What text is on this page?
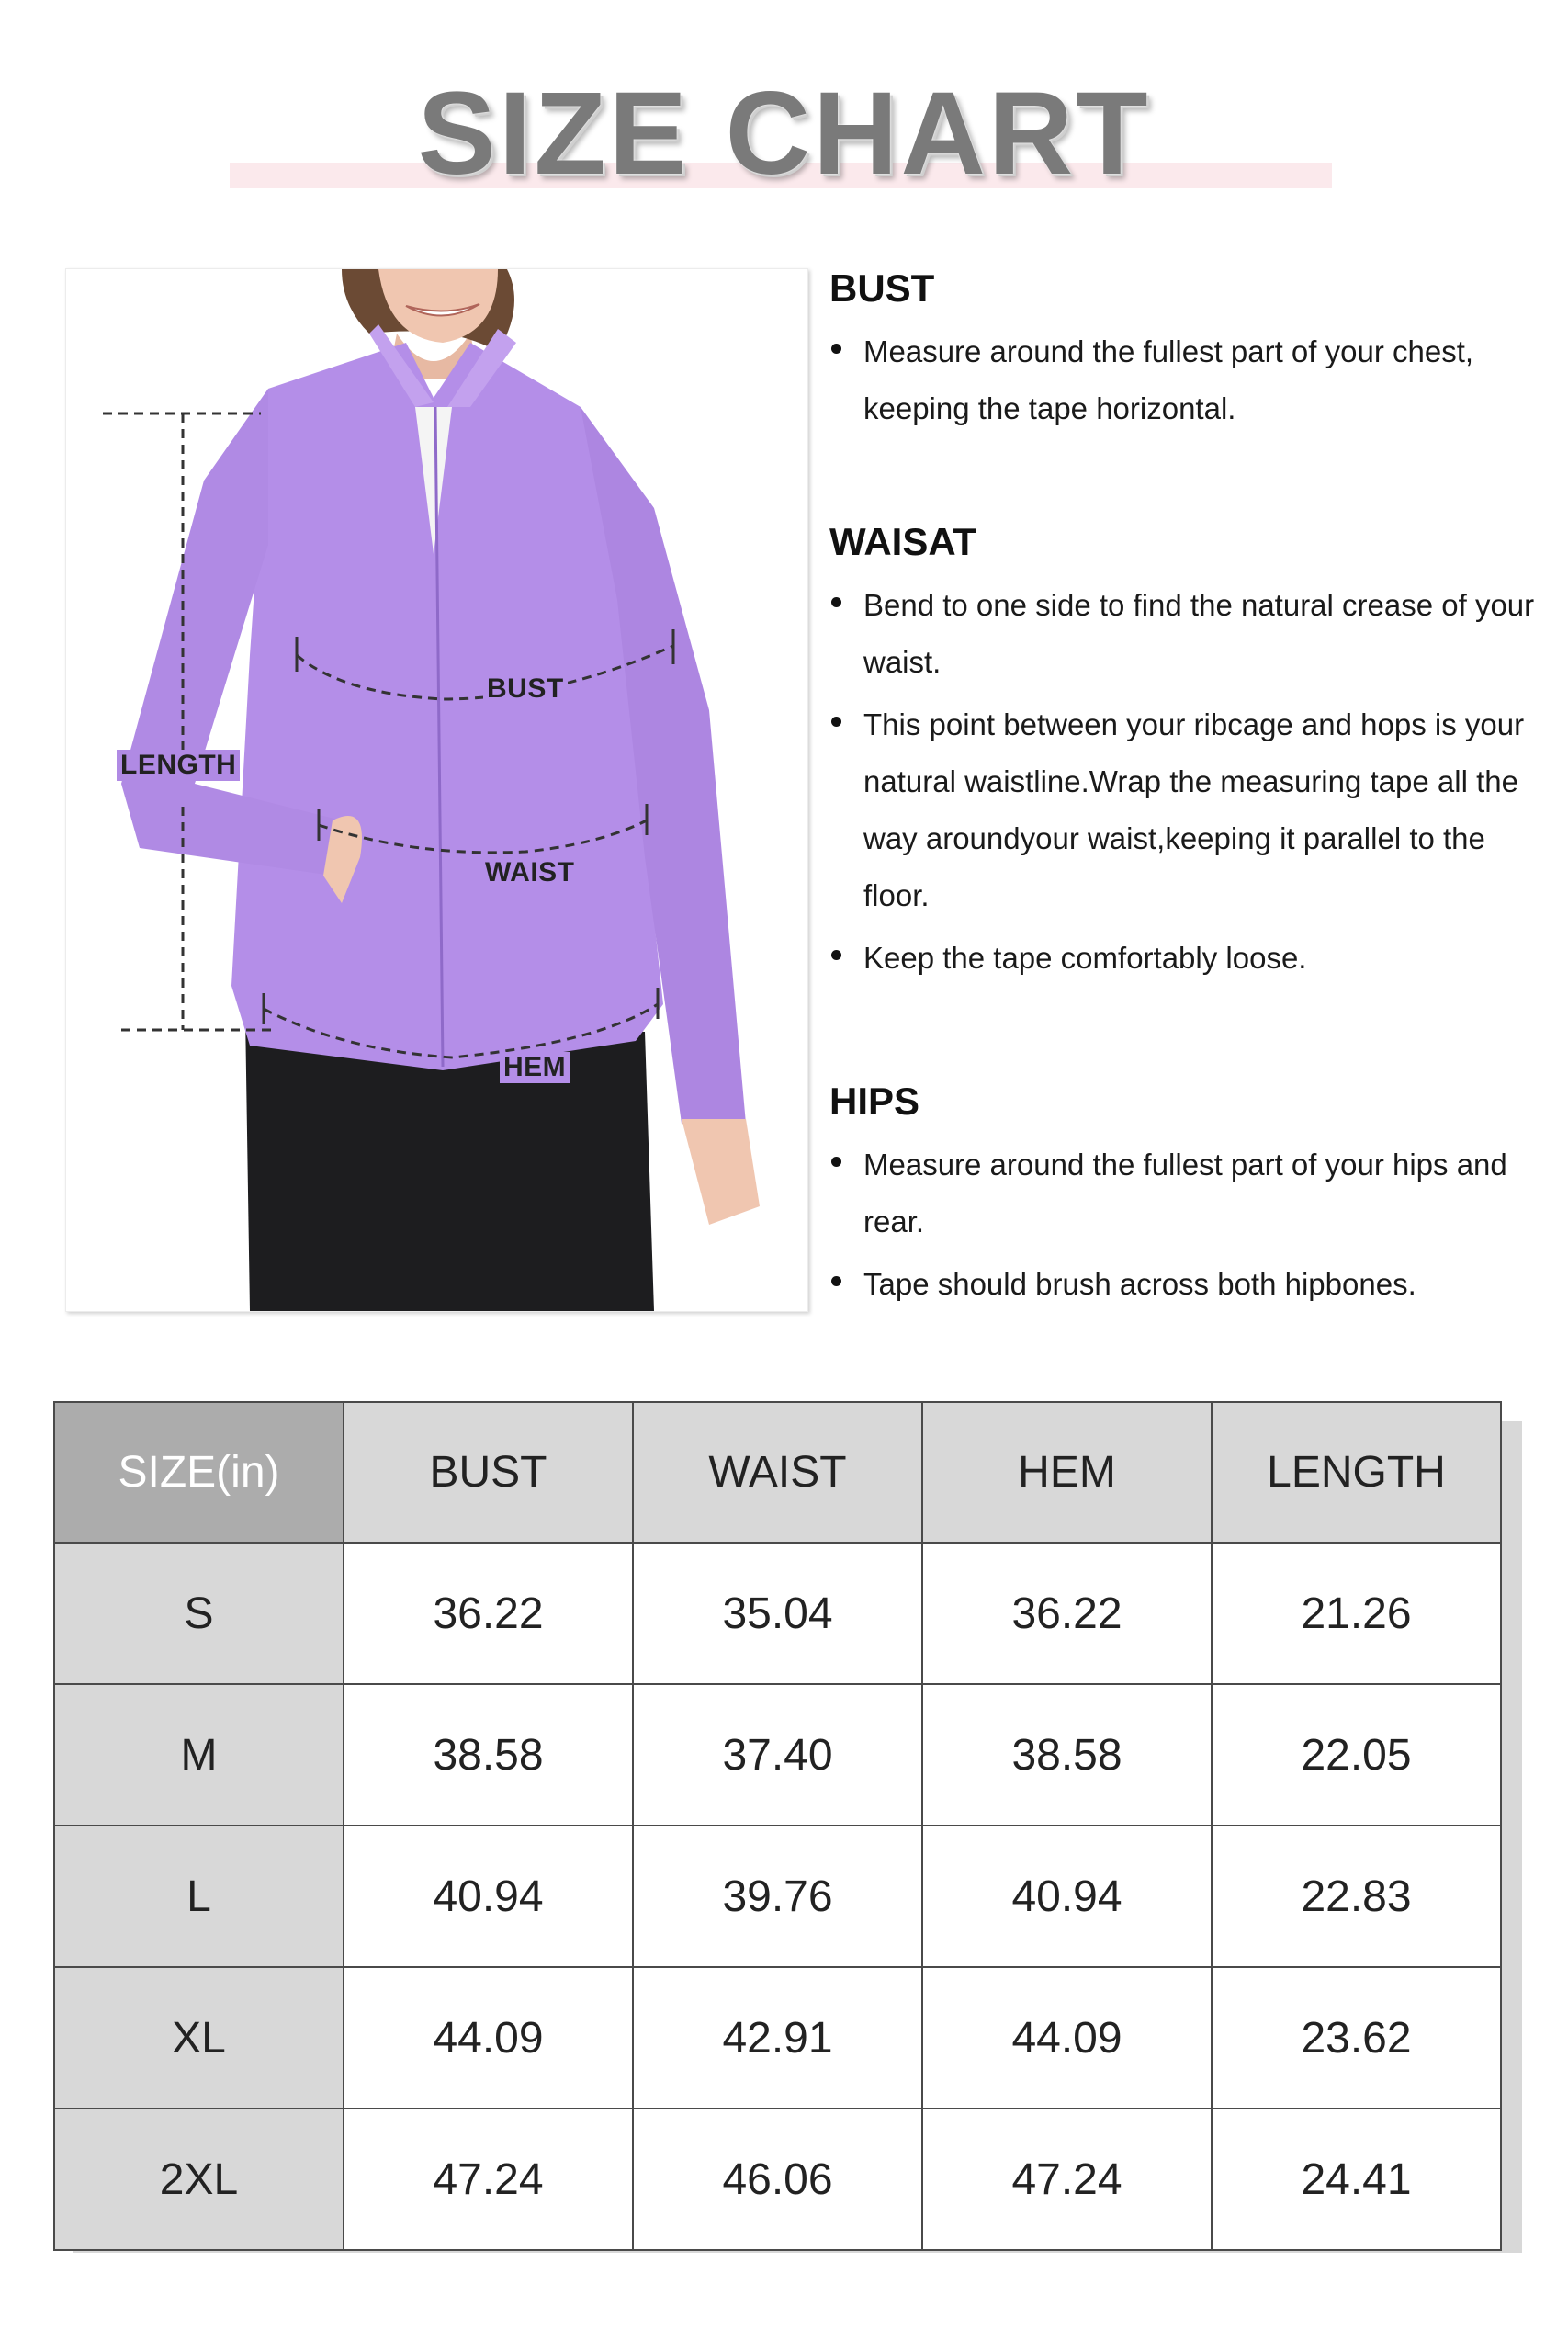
SIZE CHART
BUST
WAIST
HEM
LENGTH
BUST
Measure around the fullest part of your chest, keeping the tape horizontal.
WAISAT
Bend to one side to find the natural crease of your waist.
This point between your ribcage and hops is your natural waistline.Wrap the measuring tape all the way aroundyour waist,keeping it parallel to the floor.
Keep the tape comfortably loose.
HIPS
Measure around the fullest part of your hips and rear.
Tape should brush across both hipbones.
SIZE(in)	BUST	WAIST	HEM	LENGTH
S	36.22	35.04	36.22	21.26
M	38.58	37.40	38.58	22.05
L	40.94	39.76	40.94	22.83
XL	44.09	42.91	44.09	23.62
2XL	47.24	46.06	47.24	24.41
